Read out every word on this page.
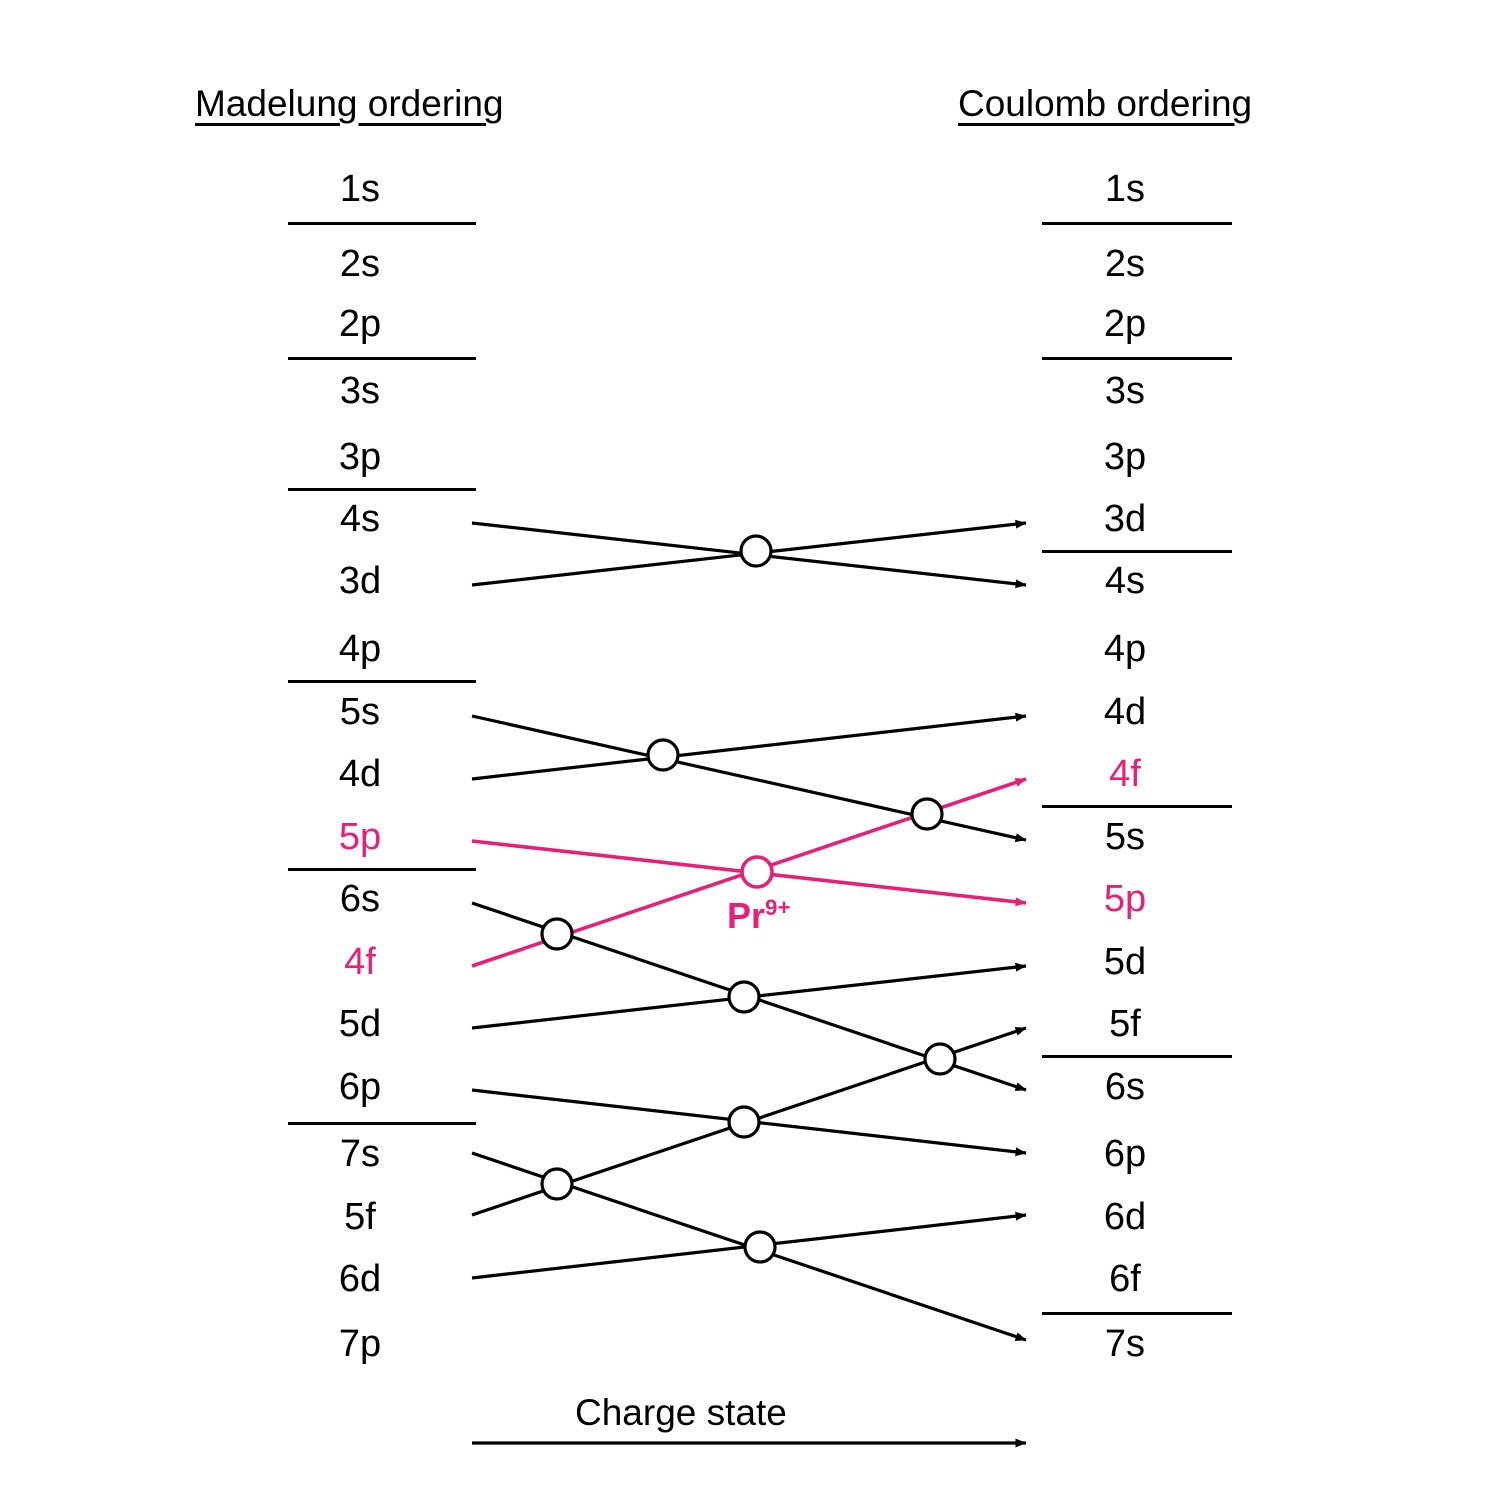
Madelung ordering	Coulomb ordering
1s
2s
2p
3s
3p
4s
3d
4p
5s
4d
5p
6s
4f
5d
6p
7s
5f
6d
7p
1s
2s
2p
3s
3p
3d
4s
4p
4d
4f
5s
5p
5d
5f
6s
6p
6d
6f
7s
$Pr^{9+}$
Charge state
